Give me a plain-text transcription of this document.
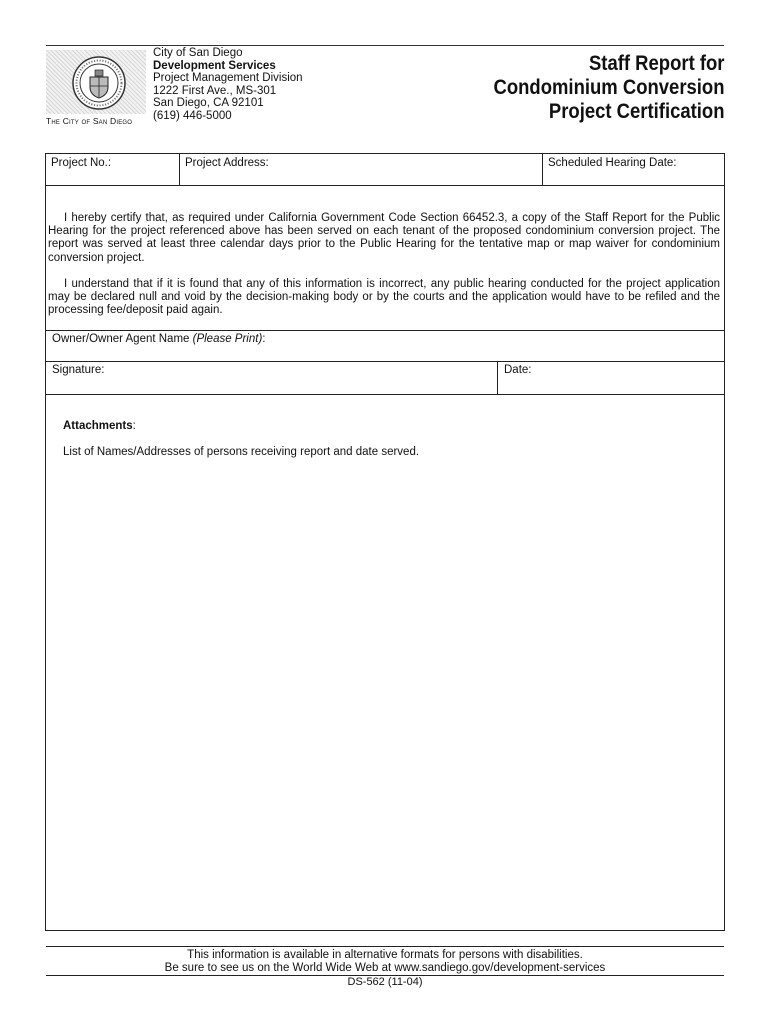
The City of San Diego
City of San Diego
Development Services
Project Management Division
1222 First Ave., MS-301
San Diego, CA 92101
(619) 446-5000
Staff Report for
Condominium Conversion
Project Certification
Project No.:	Project Address:	Scheduled Hearing Date:
I hereby certify that, as required under California Government Code Section 66452.3, a copy of the Staff Report for the Public Hearing for the project referenced above has been served on each tenant of the proposed condominium conversion project. The report was served at least three calendar days prior to the Public Hearing for the tentative map or map waiver for condominium conversion project.
I understand that if it is found that any of this information is incorrect, any public hearing conducted for the project application may be declared null and void by the decision-making body or by the courts and the application would have to be refiled and the processing fee/deposit paid again.
Owner/Owner Agent Name (Please Print):
Signature:	Date:
Attachments:
List of Names/Addresses of persons receiving report and date served.
This information is available in alternative formats for persons with disabilities.
Be sure to see us on the World Wide Web at www.sandiego.gov/development-services
DS-562 (11-04)
